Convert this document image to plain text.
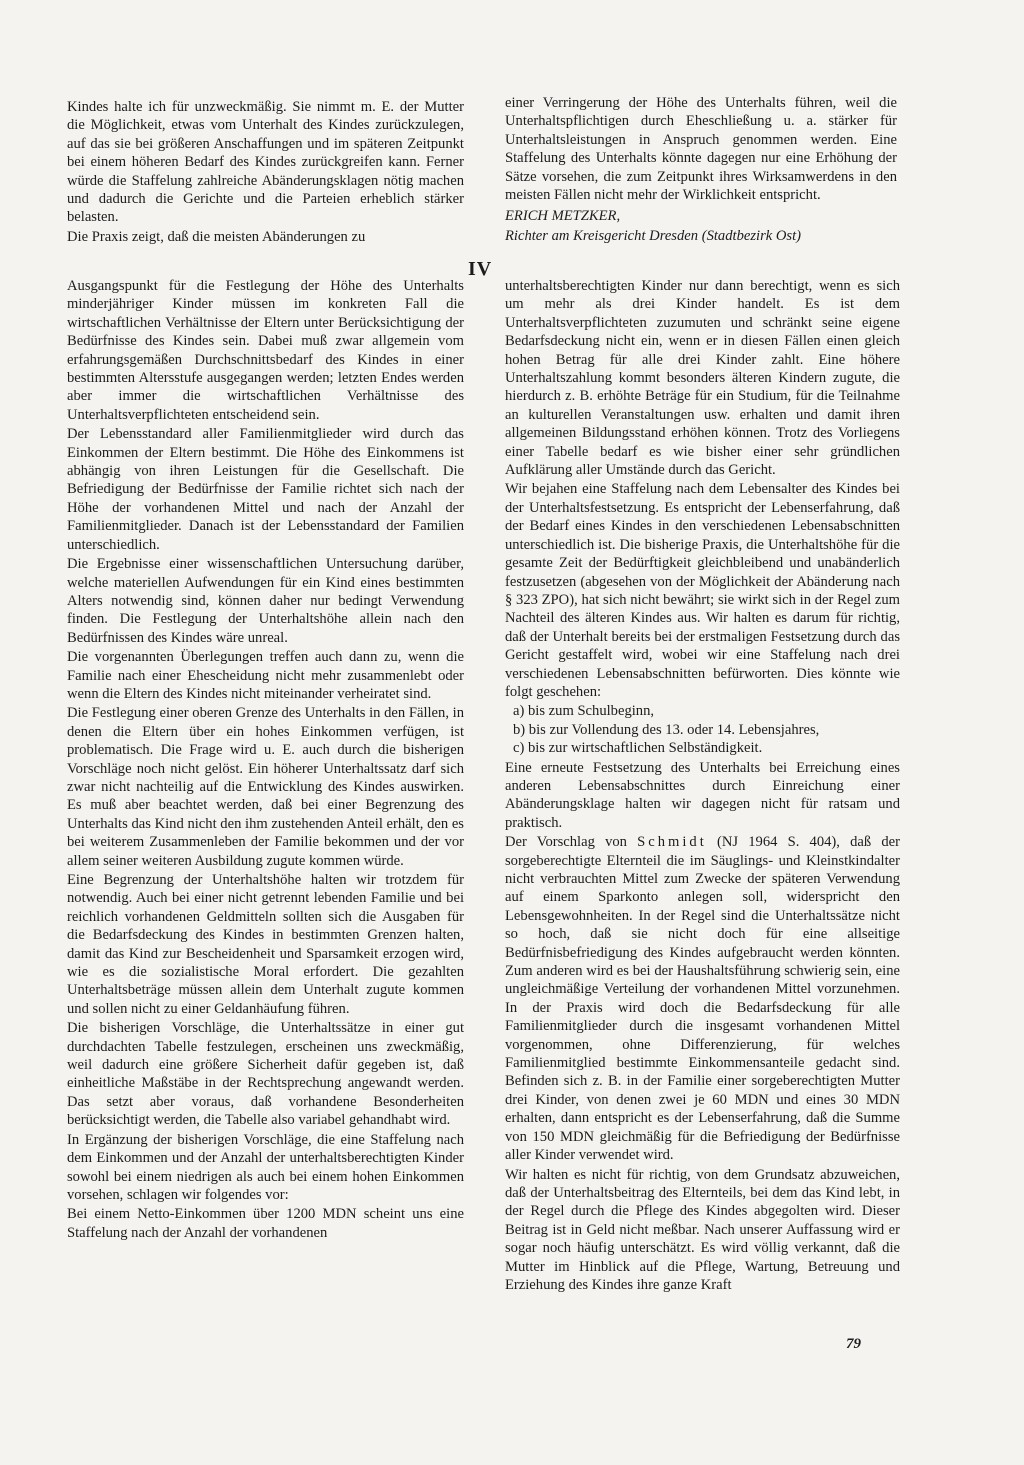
Kindes halte ich für unzweckmäßig. Sie nimmt m. E. der Mutter die Möglichkeit, etwas vom Unterhalt des Kindes zurückzulegen, auf das sie bei größeren Anschaffungen und im späteren Zeitpunkt bei einem höheren Bedarf des Kindes zurückgreifen kann. Ferner würde die Staffelung zahlreiche Abänderungsklagen nötig machen und dadurch die Gerichte und die Parteien erheblich stärker belasten.

Die Praxis zeigt, daß die meisten Abänderungen zu

einer Verringerung der Höhe des Unterhalts führen, weil die Unterhaltspflichtigen durch Eheschließung u. a. stärker für Unterhaltsleistungen in Anspruch genommen werden. Eine Staffelung des Unterhalts könnte dagegen nur eine Erhöhung der Sätze vorsehen, die zum Zeitpunkt ihres Wirksamwerdens in den meisten Fällen nicht mehr der Wirklichkeit entspricht.

ERICH METZKER,

Richter am Kreisgericht Dresden (Stadtbezirk Ost)

IV

Ausgangspunkt für die Festlegung der Höhe des Unterhalts minderjähriger Kinder müssen im konkreten Fall die wirtschaftlichen Verhältnisse der Eltern unter Berücksichtigung der Bedürfnisse des Kindes sein. Dabei muß zwar allgemein vom erfahrungsgemäßen Durchschnittsbedarf des Kindes in einer bestimmten Altersstufe ausgegangen werden; letzten Endes werden aber immer die wirtschaftlichen Verhältnisse des Unterhaltsverpflichteten entscheidend sein.

Der Lebensstandard aller Familienmitglieder wird durch das Einkommen der Eltern bestimmt. Die Höhe des Einkommens ist abhängig von ihren Leistungen für die Gesellschaft. Die Befriedigung der Bedürfnisse der Familie richtet sich nach der Höhe der vorhandenen Mittel und nach der Anzahl der Familienmitglieder. Danach ist der Lebensstandard der Familien unterschiedlich.

Die Ergebnisse einer wissenschaftlichen Untersuchung darüber, welche materiellen Aufwendungen für ein Kind eines bestimmten Alters notwendig sind, können daher nur bedingt Verwendung finden. Die Festlegung der Unterhaltshöhe allein nach den Bedürfnissen des Kindes wäre unreal.

Die vorgenannten Überlegungen treffen auch dann zu, wenn die Familie nach einer Ehescheidung nicht mehr zusammenlebt oder wenn die Eltern des Kindes nicht miteinander verheiratet sind.

Die Festlegung einer oberen Grenze des Unterhalts in den Fällen, in denen die Eltern über ein hohes Einkommen verfügen, ist problematisch. Die Frage wird u. E. auch durch die bisherigen Vorschläge noch nicht gelöst. Ein höherer Unterhaltssatz darf sich zwar nicht nachteilig auf die Entwicklung des Kindes auswirken. Es muß aber beachtet werden, daß bei einer Begrenzung des Unterhalts das Kind nicht den ihm zustehenden Anteil erhält, den es bei weiterem Zusammenleben der Familie bekommen und der vor allem seiner weiteren Ausbildung zugute kommen würde.

Eine Begrenzung der Unterhaltshöhe halten wir trotzdem für notwendig. Auch bei einer nicht getrennt lebenden Familie und bei reichlich vorhandenen Geldmitteln sollten sich die Ausgaben für die Bedarfsdeckung des Kindes in bestimmten Grenzen halten, damit das Kind zur Bescheidenheit und Sparsamkeit erzogen wird, wie es die sozialistische Moral erfordert. Die gezahlten Unterhaltsbeträge müssen allein dem Unterhalt zugute kommen und sollen nicht zu einer Geldanhäufung führen.

Die bisherigen Vorschläge, die Unterhaltssätze in einer gut durchdachten Tabelle festzulegen, erscheinen uns zweckmäßig, weil dadurch eine größere Sicherheit dafür gegeben ist, daß einheitliche Maßstäbe in der Rechtsprechung angewandt werden. Das setzt aber voraus, daß vorhandene Besonderheiten berücksichtigt werden, die Tabelle also variabel gehandhabt wird.

In Ergänzung der bisherigen Vorschläge, die eine Staffelung nach dem Einkommen und der Anzahl der unterhaltsberechtigten Kinder sowohl bei einem niedrigen als auch bei einem hohen Einkommen vorsehen, schlagen wir folgendes vor:

Bei einem Netto-Einkommen über 1200 MDN scheint uns eine Staffelung nach der Anzahl der vorhandenen

unterhaltsberechtigten Kinder nur dann berechtigt, wenn es sich um mehr als drei Kinder handelt. Es ist dem Unterhaltsverpflichteten zuzumuten und schränkt seine eigene Bedarfsdeckung nicht ein, wenn er in diesen Fällen einen gleich hohen Betrag für alle drei Kinder zahlt. Eine höhere Unterhaltszahlung kommt besonders älteren Kindern zugute, die hierdurch z. B. erhöhte Beträge für ein Studium, für die Teilnahme an kulturellen Veranstaltungen usw. erhalten und damit ihren allgemeinen Bildungsstand erhöhen können. Trotz des Vorliegens einer Tabelle bedarf es wie bisher einer sehr gründlichen Aufklärung aller Umstände durch das Gericht.

Wir bejahen eine Staffelung nach dem Lebensalter des Kindes bei der Unterhaltsfestsetzung. Es entspricht der Lebenserfahrung, daß der Bedarf eines Kindes in den verschiedenen Lebensabschnitten unterschiedlich ist. Die bisherige Praxis, die Unterhaltshöhe für die gesamte Zeit der Bedürftigkeit gleichbleibend und unabänderlich festzusetzen (abgesehen von der Möglichkeit der Abänderung nach § 323 ZPO), hat sich nicht bewährt; sie wirkt sich in der Regel zum Nachteil des älteren Kindes aus. Wir halten es darum für richtig, daß der Unterhalt bereits bei der erstmaligen Festsetzung durch das Gericht gestaffelt wird, wobei wir eine Staffelung nach drei verschiedenen Lebensabschnitten befürworten. Dies könnte wie folgt geschehen:

a) bis zum Schulbeginn,
b) bis zur Vollendung des 13. oder 14. Lebensjahres,
c) bis zur wirtschaftlichen Selbständigkeit.

Eine erneute Festsetzung des Unterhalts bei Erreichung eines anderen Lebensabschnittes durch Einreichung einer Abänderungsklage halten wir dagegen nicht für ratsam und praktisch.

Der Vorschlag von Schmidt (NJ 1964 S. 404), daß der sorgeberechtigte Elternteil die im Säuglings- und Kleinstkindalter nicht verbrauchten Mittel zum Zwecke der späteren Verwendung auf einem Sparkonto anlegen soll, widerspricht den Lebensgewohnheiten. In der Regel sind die Unterhaltssätze nicht so hoch, daß sie nicht doch für eine allseitige Bedürfnisbefriedigung des Kindes aufgebraucht werden könnten. Zum anderen wird es bei der Haushaltsführung schwierig sein, eine ungleichmäßige Verteilung der vorhandenen Mittel vorzunehmen. In der Praxis wird doch die Bedarfsdeckung für alle Familienmitglieder durch die insgesamt vorhandenen Mittel vorgenommen, ohne Differenzierung, für welches Familienmitglied bestimmte Einkommensanteile gedacht sind. Befinden sich z. B. in der Familie einer sorgeberechtigten Mutter drei Kinder, von denen zwei je 60 MDN und eines 30 MDN erhalten, dann entspricht es der Lebenserfahrung, daß die Summe von 150 MDN gleichmäßig für die Befriedigung der Bedürfnisse aller Kinder verwendet wird.

Wir halten es nicht für richtig, von dem Grundsatz abzuweichen, daß der Unterhaltsbeitrag des Elternteils, bei dem das Kind lebt, in der Regel durch die Pflege des Kindes abgegolten wird. Dieser Beitrag ist in Geld nicht meßbar. Nach unserer Auffassung wird er sogar noch häufig unterschätzt. Es wird völlig verkannt, daß die Mutter im Hinblick auf die Pflege, Wartung, Betreuung und Erziehung des Kindes ihre ganze Kraft

79
